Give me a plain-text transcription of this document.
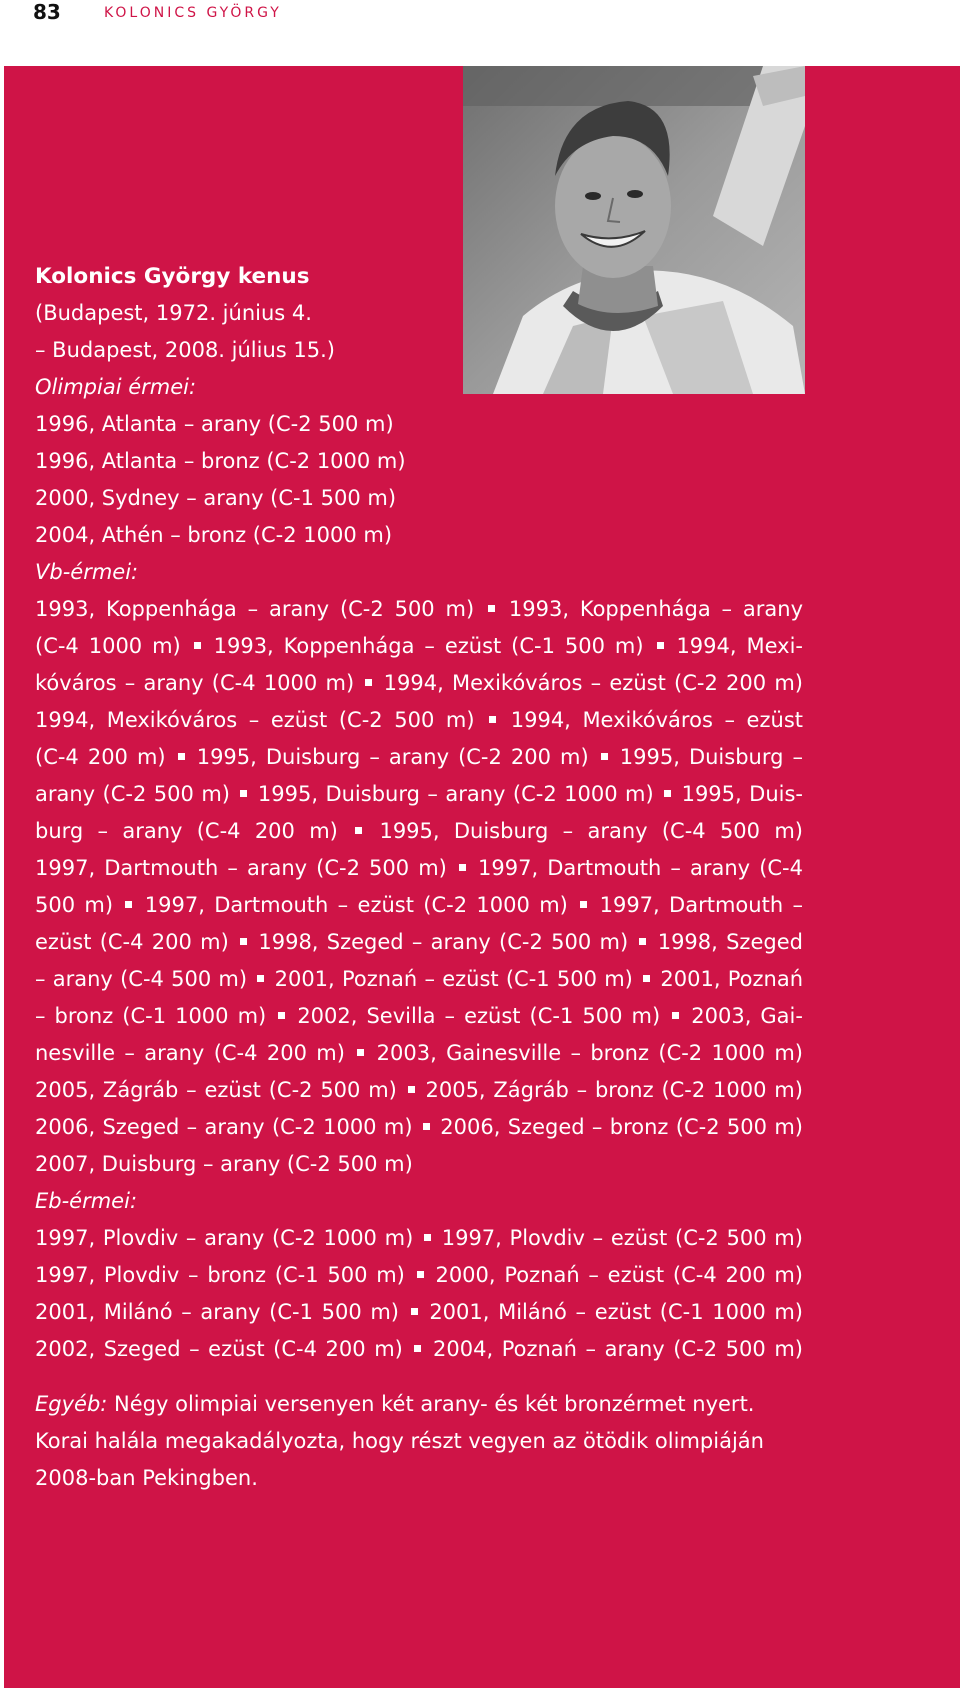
83	KOLONICS GYÖRGY
Kolonics György kenus
(Budapest, 1972. június 4.
– Budapest, 2008. július 15.)
Olimpiai érmei:
1996, Atlanta – arany (C-2 500 m)
1996, Atlanta – bronz (C-2 1000 m)
2000, Sydney – arany (C-1 500 m)
2004, Athén – bronz (C-2 1000 m)
Vb-érmei:
1993, Koppenhága – arany (C-2 500 m) 1993, Koppenhága – arany
(C-4 1000 m) 1993, Koppenhága – ezüst (C-1 500 m) 1994, Mexi-
kóváros – arany (C-4 1000 m) 1994, Mexikóváros – ezüst (C-2 200 m)
1994, Mexikóváros – ezüst (C-2 500 m) 1994, Mexikóváros – ezüst
(C-4 200 m) 1995, Duisburg – arany (C-2 200 m) 1995, Duisburg –
arany (C-2 500 m) 1995, Duisburg – arany (C-2 1000 m) 1995, Duis-
burg – arany (C-4 200 m) 1995, Duisburg – arany (C-4 500 m)
1997, Dartmouth – arany (C-2 500 m) 1997, Dartmouth – arany (C-4
500 m) 1997, Dartmouth – ezüst (C-2 1000 m) 1997, Dartmouth –
ezüst (C-4 200 m) 1998, Szeged – arany (C-2 500 m) 1998, Szeged
– arany (C-4 500 m) 2001, Poznań – ezüst (C-1 500 m) 2001, Poznań
– bronz (C-1 1000 m) 2002, Sevilla – ezüst (C-1 500 m) 2003, Gai-
nesville – arany (C-4 200 m) 2003, Gainesville – bronz (C-2 1000 m)
2005, Zágráb – ezüst (C-2 500 m) 2005, Zágráb – bronz (C-2 1000 m)
2006, Szeged – arany (C-2 1000 m) 2006, Szeged – bronz (C-2 500 m)
2007, Duisburg – arany (C-2 500 m)
Eb-érmei:
1997, Plovdiv – arany (C-2 1000 m) 1997, Plovdiv – ezüst (C-2 500 m)
1997, Plovdiv – bronz (C-1 500 m) 2000, Poznań – ezüst (C-4 200 m)
2001, Milánó – arany (C-1 500 m) 2001, Milánó – ezüst (C-1 1000 m)
2002, Szeged – ezüst (C-4 200 m) 2004, Poznań – arany (C-2 500 m)
Egyéb: Négy olimpiai versenyen két arany- és két bronzérmet nyert.
Korai halála megakadályozta, hogy részt vegyen az ötödik olimpiáján
2008-ban Pekingben.
